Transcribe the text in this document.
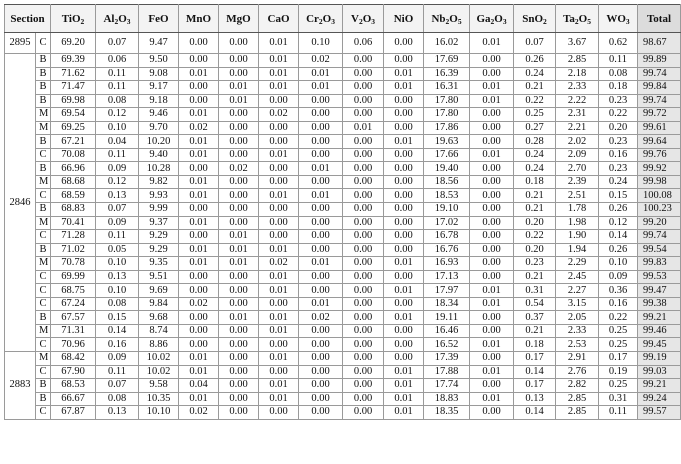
Section		TiO$_2$	$Al_2O_3$	FeO	MnO	MgO	CaO	$Cr_2O_3$	$V_2O_3$	NiO	$Nb_2O_5$	$Ga_2O_3$	SnO$_2$	$Ta_2O_5$	$WO_3$	Total
2895	C	69.20	0.07	9.47	0.00	0.00	0.01	0.10	0.06	0.00	16.02	0.01	0.07	3.67	0.62	98.67
2846	B	69.39	0.06	9.50	0.00	0.00	0.01	0.02	0.00	0.00	17.69	0.00	0.26	2.85	0.11	99.89
	B	71.62	0.11	9.08	0.01	0.00	0.01	0.01	0.00	0.01	16.39	0.00	0.24	2.18	0.08	99.74
	B	71.47	0.11	9.17	0.00	0.01	0.01	0.01	0.00	0.01	16.31	0.01	0.21	2.33	0.18	99.84
	B	69.98	0.08	9.18	0.00	0.01	0.00	0.00	0.00	0.00	17.80	0.01	0.22	2.22	0.23	99.74
	M	69.54	0.12	9.46	0.01	0.00	0.02	0.00	0.00	0.00	17.80	0.00	0.25	2.31	0.22	99.72
	M	69.25	0.10	9.70	0.02	0.00	0.00	0.00	0.01	0.00	17.86	0.00	0.27	2.21	0.20	99.61
	B	67.21	0.04	10.20	0.01	0.00	0.00	0.00	0.00	0.01	19.63	0.00	0.28	2.02	0.23	99.64
	C	70.08	0.11	9.40	0.01	0.00	0.01	0.00	0.00	0.00	17.66	0.01	0.24	2.09	0.16	99.76
	B	66.96	0.09	10.28	0.00	0.02	0.00	0.01	0.00	0.00	19.40	0.00	0.24	2.70	0.23	99.92
	M	68.68	0.12	9.82	0.01	0.00	0.00	0.00	0.00	0.00	18.56	0.00	0.18	2.39	0.24	99.98
	C	68.59	0.13	9.93	0.01	0.00	0.01	0.01	0.00	0.00	18.53	0.00	0.21	2.51	0.15	100.08
	B	68.83	0.07	9.99	0.00	0.00	0.00	0.00	0.00	0.00	19.10	0.00	0.21	1.78	0.26	100.23
	M	70.41	0.09	9.37	0.01	0.00	0.00	0.00	0.00	0.00	17.02	0.00	0.20	1.98	0.12	99.20
	C	71.28	0.11	9.29	0.00	0.01	0.00	0.00	0.00	0.00	16.78	0.00	0.22	1.90	0.14	99.74
	B	71.02	0.05	9.29	0.01	0.01	0.01	0.00	0.00	0.00	16.76	0.00	0.20	1.94	0.26	99.54
	M	70.78	0.10	9.35	0.01	0.01	0.02	0.01	0.00	0.01	16.93	0.00	0.23	2.29	0.10	99.83
	C	69.99	0.13	9.51	0.00	0.00	0.01	0.00	0.00	0.00	17.13	0.00	0.21	2.45	0.09	99.53
	C	68.75	0.10	9.69	0.00	0.00	0.01	0.00	0.00	0.01	17.97	0.01	0.31	2.27	0.36	99.47
	C	67.24	0.08	9.84	0.02	0.00	0.00	0.01	0.00	0.00	18.34	0.01	0.54	3.15	0.16	99.38
	B	67.57	0.15	9.68	0.00	0.01	0.01	0.02	0.00	0.01	19.11	0.00	0.37	2.05	0.22	99.21
	M	71.31	0.14	8.74	0.00	0.00	0.01	0.00	0.00	0.00	16.46	0.00	0.21	2.33	0.25	99.46
	C	70.96	0.16	8.86	0.00	0.00	0.00	0.00	0.00	0.00	16.52	0.01	0.18	2.53	0.25	99.45
2883	M	68.42	0.09	10.02	0.01	0.00	0.01	0.00	0.00	0.00	17.39	0.00	0.17	2.91	0.17	99.19
	C	67.90	0.11	10.02	0.01	0.00	0.00	0.00	0.00	0.01	17.88	0.01	0.14	2.76	0.19	99.03
	B	68.53	0.07	9.58	0.04	0.00	0.01	0.00	0.00	0.01	17.74	0.00	0.17	2.82	0.25	99.21
	B	66.67	0.08	10.35	0.01	0.00	0.01	0.00	0.00	0.01	18.83	0.01	0.13	2.85	0.31	99.24
	C	67.87	0.13	10.10	0.02	0.00	0.00	0.00	0.00	0.01	18.35	0.00	0.14	2.85	0.11	99.57
